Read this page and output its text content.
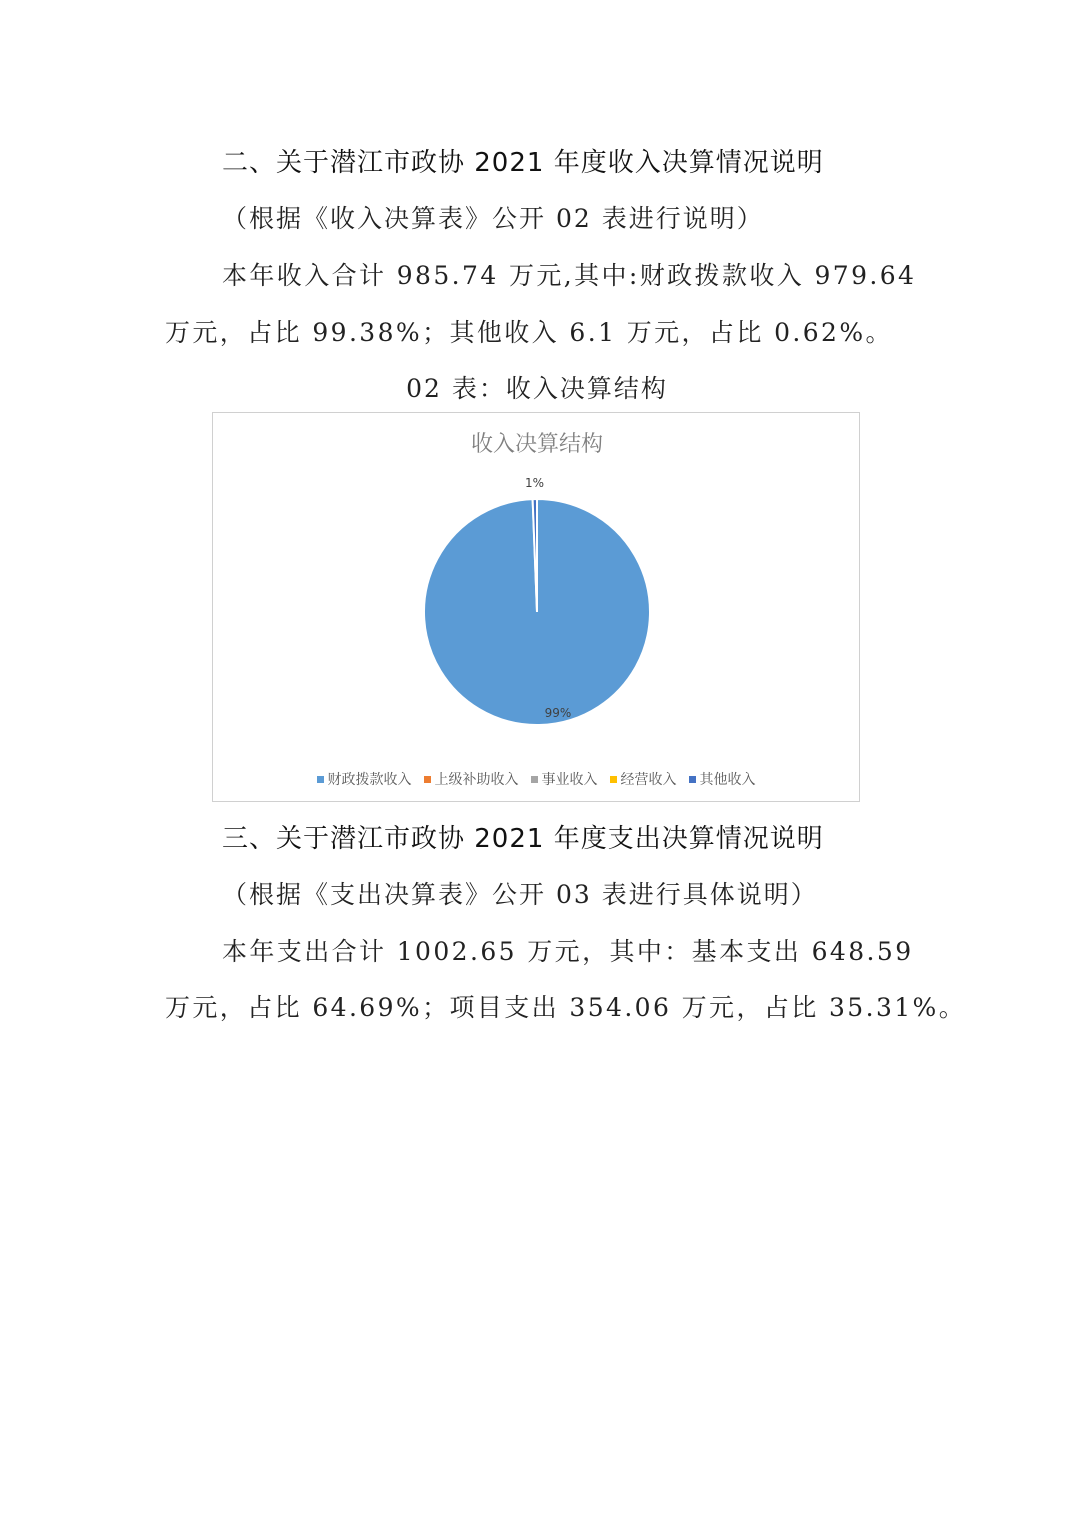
二、关于潜江市政协 2021 年度收入决算情况说明
（根据《收入决算表》公开 02 表进行说明）
本年收入合计 985.74 万元,其中:财政拨款收入 979.64
万元，占比 99.38%；其他收入 6.1 万元，占比 0.62%。
02 表：收入决算结构
收入决算结构
99%
1%
财政拨款收入 上级补助收入 事业收入 经营收入 其他收入
三、关于潜江市政协 2021 年度支出决算情况说明
（根据《支出决算表》公开 03 表进行具体说明）
本年支出合计 1002.65 万元，其中：基本支出 648.59
万元，占比 64.69%；项目支出 354.06 万元，占比 35.31%。
